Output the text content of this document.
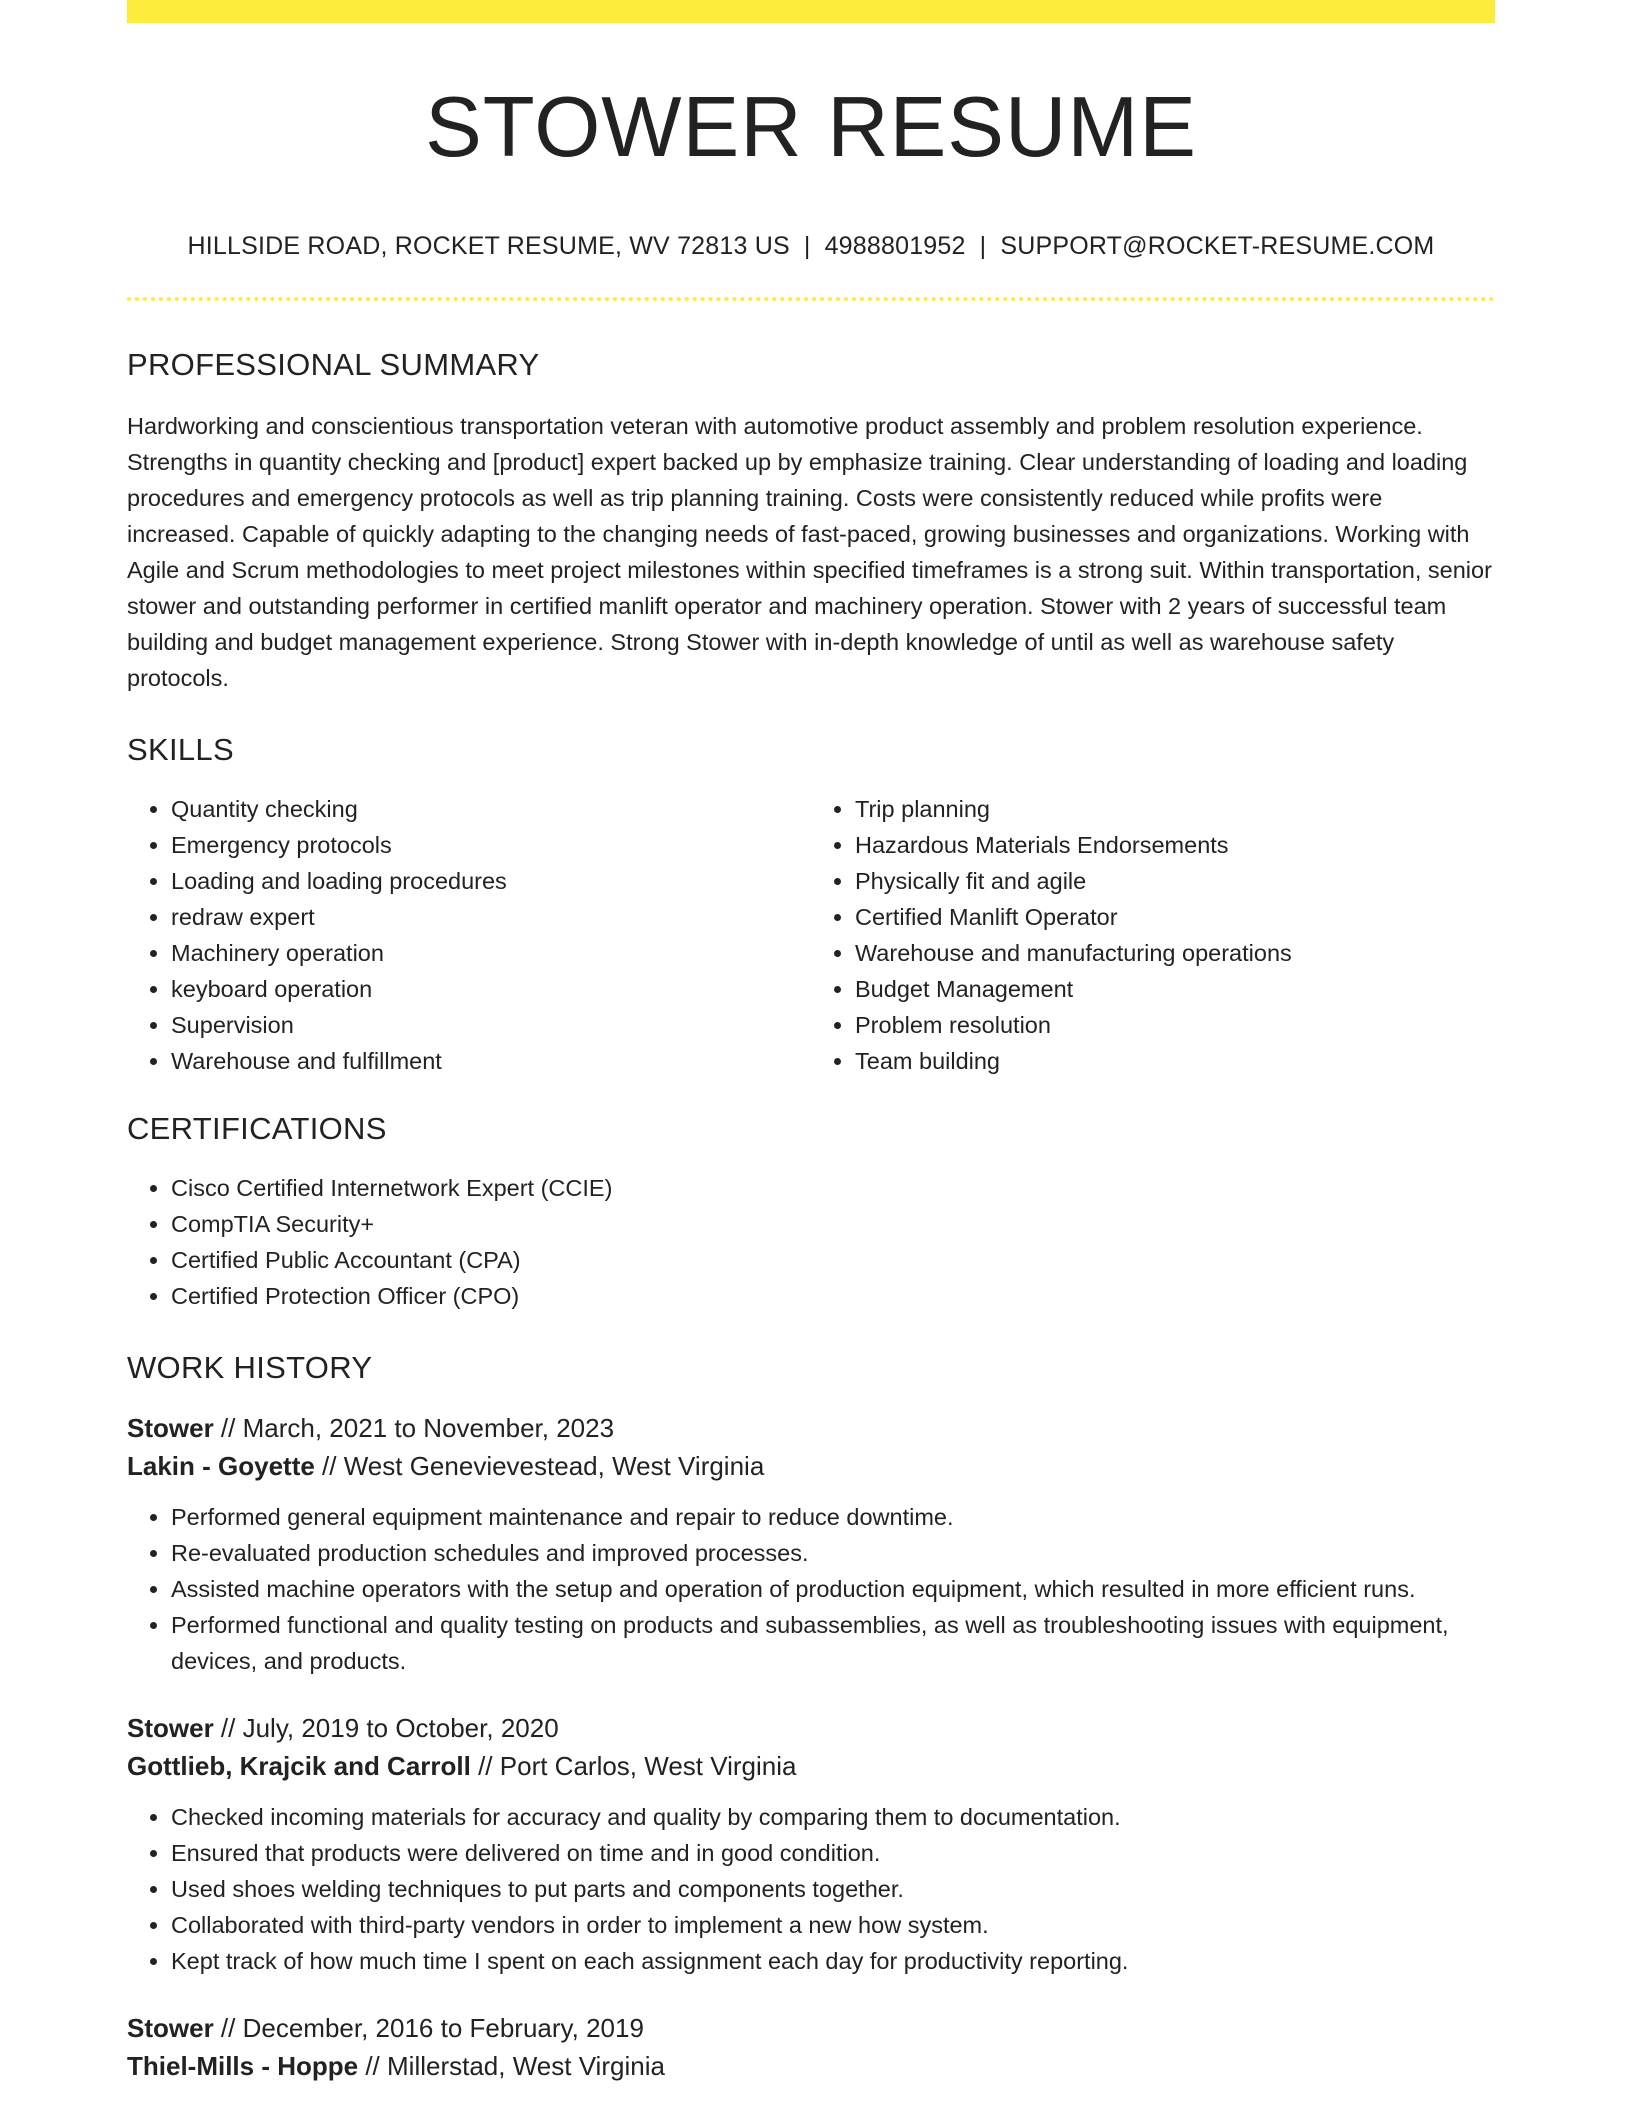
STOWER RESUME
HILLSIDE ROAD, ROCKET RESUME, WV 72813 US | 4988801952 | SUPPORT@ROCKET-RESUME.COM
PROFESSIONAL SUMMARY
Hardworking and conscientious transportation veteran with automotive product assembly and problem resolution experience. Strengths in quantity checking and [product] expert backed up by emphasize training. Clear understanding of loading and loading procedures and emergency protocols as well as trip planning training. Costs were consistently reduced while profits were increased. Capable of quickly adapting to the changing needs of fast-paced, growing businesses and organizations. Working with Agile and Scrum methodologies to meet project milestones within specified timeframes is a strong suit. Within transportation, senior stower and outstanding performer in certified manlift operator and machinery operation. Stower with 2 years of successful team building and budget management experience. Strong Stower with in-depth knowledge of until as well as warehouse safety protocols.
SKILLS
• Quantity checking
• Emergency protocols
• Loading and loading procedures
• redraw expert
• Machinery operation
• keyboard operation
• Supervision
• Warehouse and fulfillment
• Trip planning
• Hazardous Materials Endorsements
• Physically fit and agile
• Certified Manlift Operator
• Warehouse and manufacturing operations
• Budget Management
• Problem resolution
• Team building
CERTIFICATIONS
• Cisco Certified Internetwork Expert (CCIE)
• CompTIA Security+
• Certified Public Accountant (CPA)
• Certified Protection Officer (CPO)
WORK HISTORY
Stower // March, 2021 to November, 2023
Lakin - Goyette // West Genevievestead, West Virginia
• Performed general equipment maintenance and repair to reduce downtime.
• Re-evaluated production schedules and improved processes.
• Assisted machine operators with the setup and operation of production equipment, which resulted in more efficient runs.
• Performed functional and quality testing on products and subassemblies, as well as troubleshooting issues with equipment, devices, and products.
Stower // July, 2019 to October, 2020
Gottlieb, Krajcik and Carroll // Port Carlos, West Virginia
• Checked incoming materials for accuracy and quality by comparing them to documentation.
• Ensured that products were delivered on time and in good condition.
• Used shoes welding techniques to put parts and components together.
• Collaborated with third-party vendors in order to implement a new how system.
• Kept track of how much time I spent on each assignment each day for productivity reporting.
Stower // December, 2016 to February, 2019
Thiel-Mills - Hoppe // Millerstad, West Virginia
